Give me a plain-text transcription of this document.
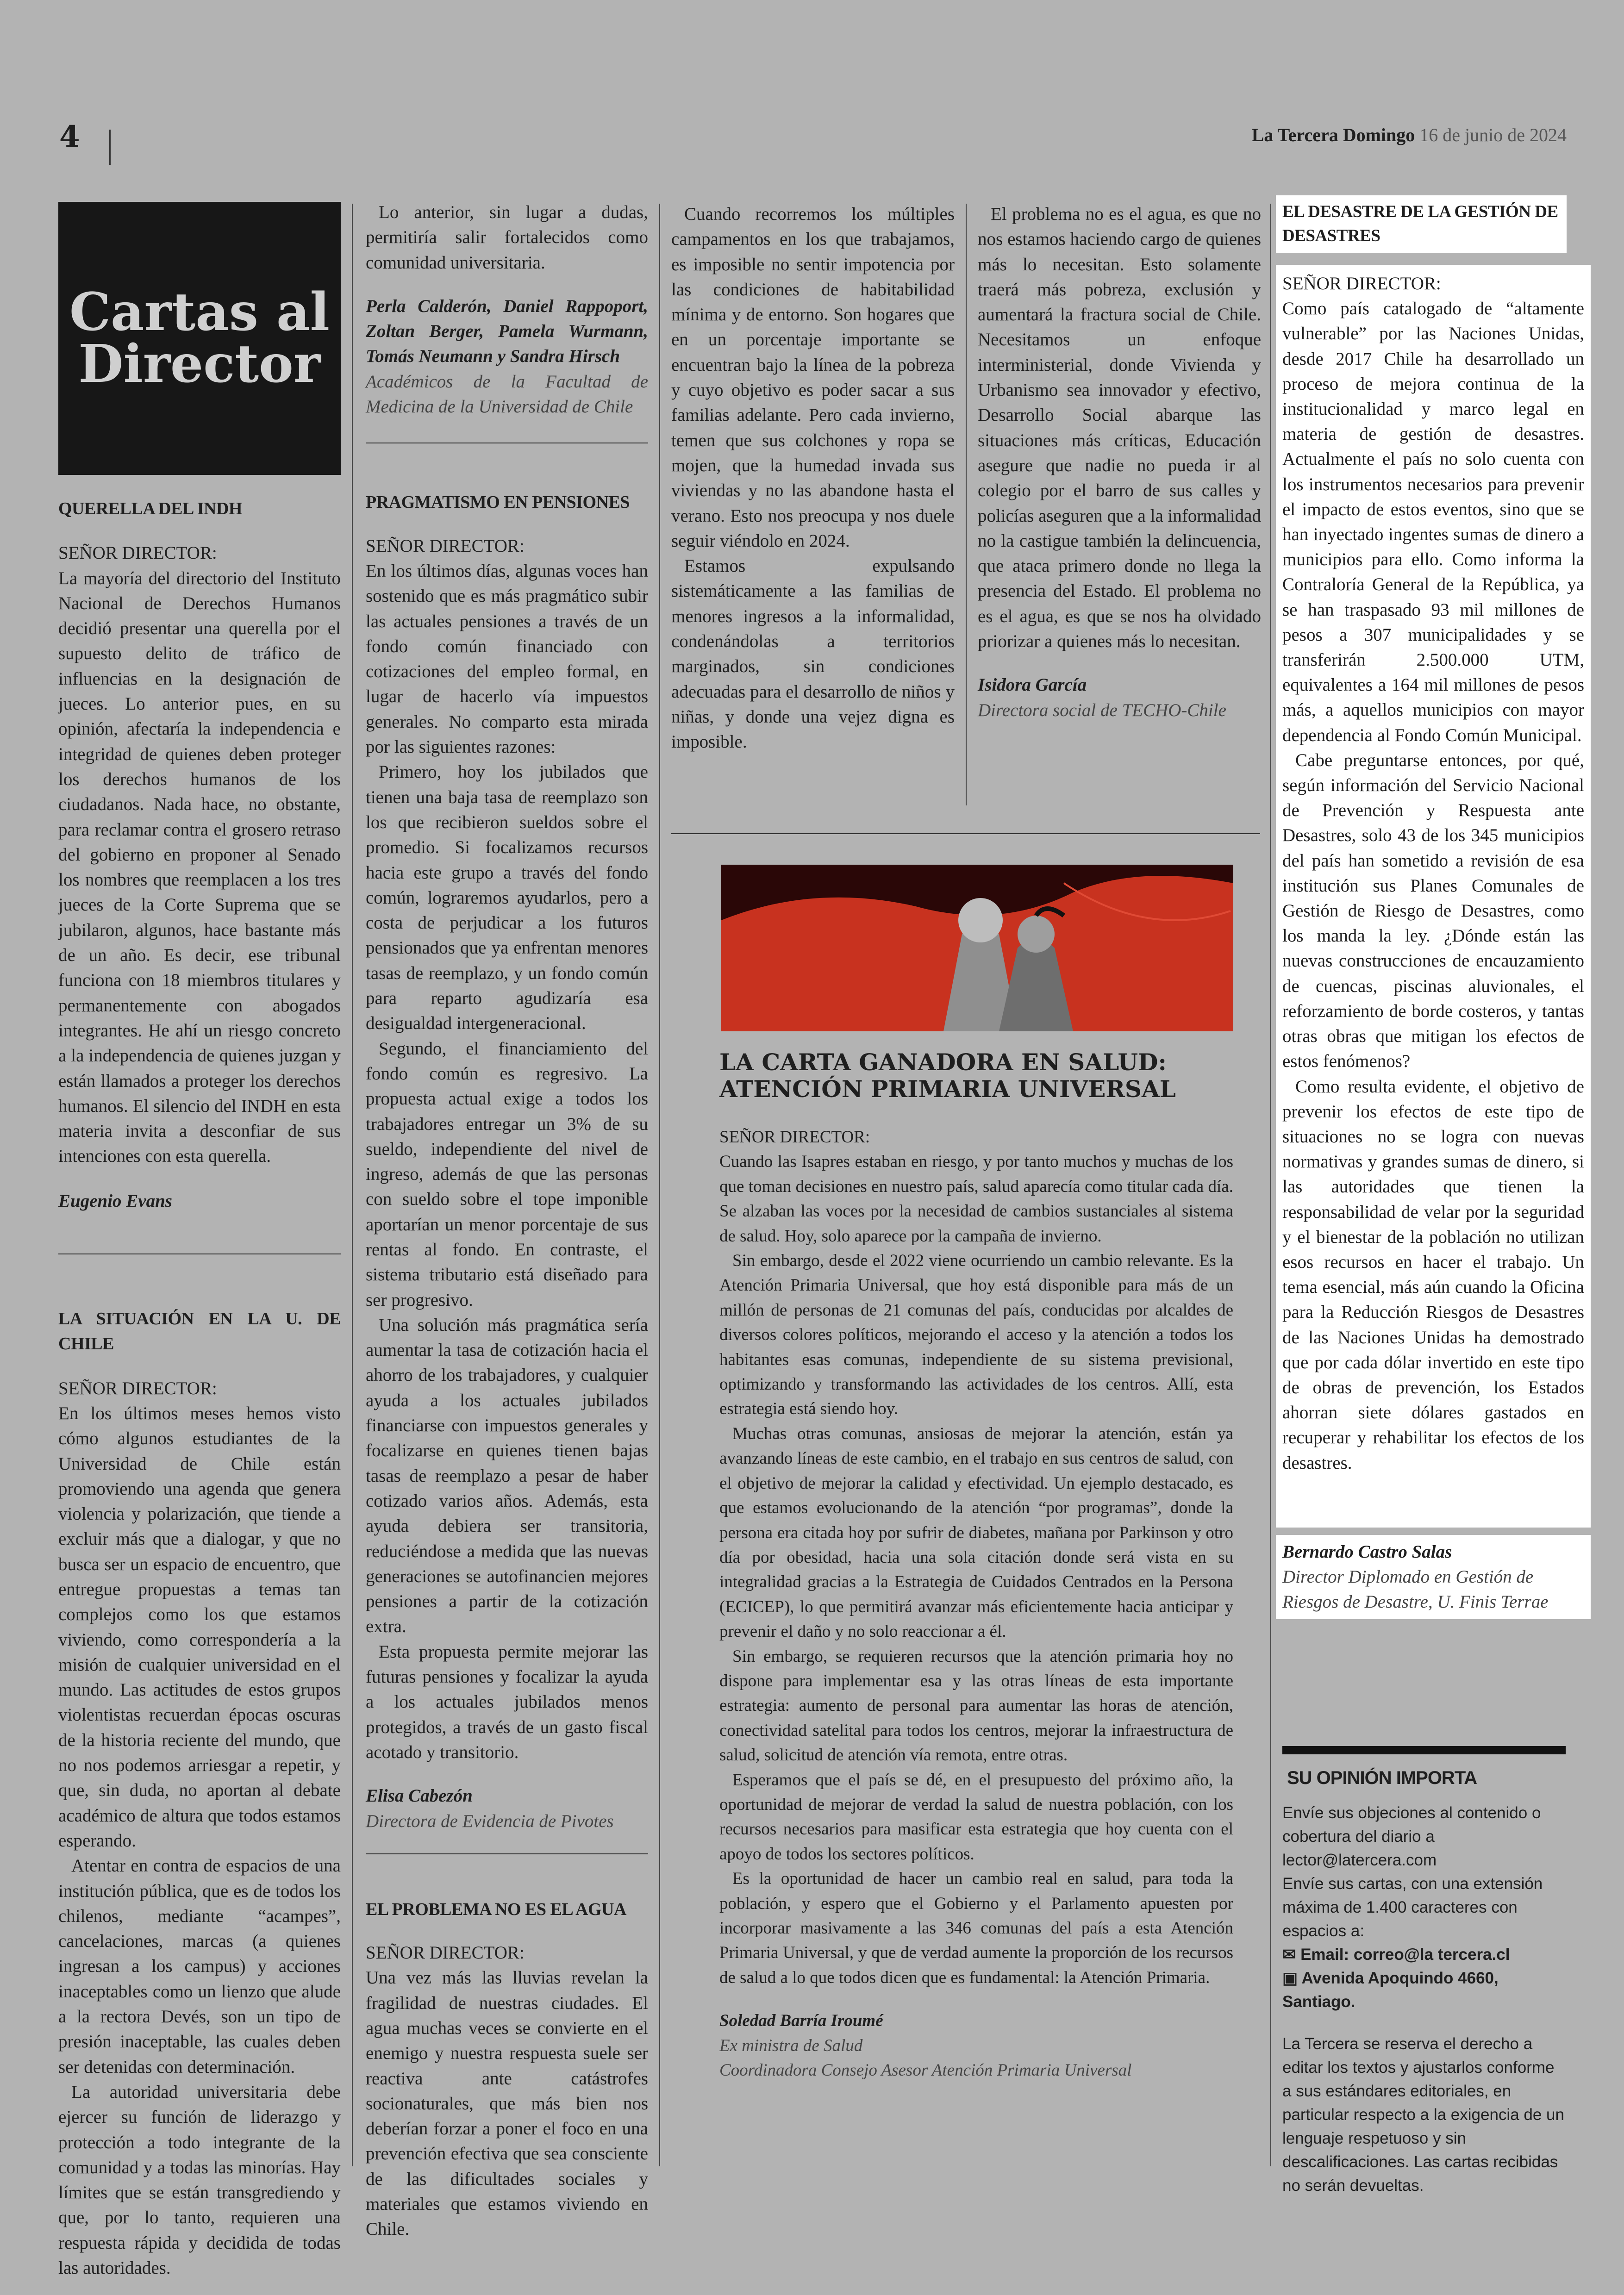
4	La Tercera Domingo 16 de junio de 2024
Cartas al
Director

QUERELLA DEL INDH

SEÑOR DIRECTOR:

La mayoría del directorio del Instituto Nacional de Derechos Humanos decidió presentar una querella por el supuesto delito de tráfico de influencias en la designación de jueces. Lo anterior pues, en su opinión, afectaría la independencia e integridad de quienes deben proteger los derechos humanos de los ciudadanos. Nada hace, no obstante, para reclamar contra el grosero retraso del gobierno en proponer al Senado los nombres que reemplacen a los tres jueces de la Corte Suprema que se jubilaron, algunos, hace bastante más de un año. Es decir, ese tribunal funciona con 18 miembros titulares y permanentemente con abogados integrantes. He ahí un riesgo concreto a la independencia de quienes juzgan y están llamados a proteger los derechos humanos. El silencio del INDH en esta materia invita a desconfiar de sus intenciones con esta querella.

Eugenio Evans

LA SITUACIÓN EN LA U. DE CHILE

SEÑOR DIRECTOR:

En los últimos meses hemos visto cómo algunos estudiantes de la Universidad de Chile están promoviendo una agenda que genera violencia y polarización, que tiende a excluir más que a dialogar, y que no busca ser un espacio de encuentro, que entregue propuestas a temas tan complejos como los que estamos viviendo, como correspondería a la misión de cualquier universidad en el mundo. Las actitudes de estos grupos violentistas recuerdan épocas oscuras de la historia reciente del mundo, que no nos podemos arriesgar a repetir, y que, sin duda, no aportan al debate académico de altura que todos estamos esperando.

Atentar en contra de espacios de una institución pública, que es de todos los chilenos, mediante “acampes”, cancelaciones, marcas (a quienes ingresan a los campus) y acciones inaceptables como un lienzo que alude a la rectora Devés, son un tipo de presión inaceptable, las cuales deben ser detenidas con determinación.

La autoridad universitaria debe ejercer su función de liderazgo y protección a todo integrante de la comunidad y a todas las minorías. Hay límites que se están transgrediendo y que, por lo tanto, requieren una respuesta rápida y decidida de todas las autoridades.

Lo anterior, sin lugar a dudas, permitiría salir fortalecidos como comunidad universitaria.

Perla Calderón, Daniel Rappoport, Zoltan Berger, Pamela Wurmann, Tomás Neumann y Sandra Hirsch

Académicos de la Facultad de Medicina de la Universidad de Chile

PRAGMATISMO EN PENSIONES

SEÑOR DIRECTOR:

En los últimos días, algunas voces han sostenido que es más pragmático subir las actuales pensiones a través de un fondo común financiado con cotizaciones del empleo formal, en lugar de hacerlo vía impuestos generales. No comparto esta mirada por las siguientes razones:

Primero, hoy los jubilados que tienen una baja tasa de reemplazo son los que recibieron sueldos sobre el promedio. Si focalizamos recursos hacia este grupo a través del fondo común, lograremos ayudarlos, pero a costa de perjudicar a los futuros pensionados que ya enfrentan menores tasas de reemplazo, y un fondo común para reparto agudizaría esa desigualdad intergeneracional.

Segundo, el financiamiento del fondo común es regresivo. La propuesta actual exige a todos los trabajadores entregar un 3% de su sueldo, independiente del nivel de ingreso, además de que las personas con sueldo sobre el tope imponible aportarían un menor porcentaje de sus rentas al fondo. En contraste, el sistema tributario está diseñado para ser progresivo.

Una solución más pragmática sería aumentar la tasa de cotización hacia el ahorro de los trabajadores, y cualquier ayuda a los actuales jubilados financiarse con impuestos generales y focalizarse en quienes tienen bajas tasas de reemplazo a pesar de haber cotizado varios años. Además, esta ayuda debiera ser transitoria, reduciéndose a medida que las nuevas generaciones se autofinancien mejores pensiones a partir de la cotización extra.

Esta propuesta permite mejorar las futuras pensiones y focalizar la ayuda a los actuales jubilados menos protegidos, a través de un gasto fiscal acotado y transitorio.

Elisa Cabezón

Directora de Evidencia de Pivotes

EL PROBLEMA NO ES EL AGUA

SEÑOR DIRECTOR:

Una vez más las lluvias revelan la fragilidad de nuestras ciudades. El agua muchas veces se convierte en el enemigo y nuestra respuesta suele ser reactiva ante catástrofes socionaturales, que más bien nos deberían forzar a poner el foco en una prevención efectiva que sea consciente de las dificultades sociales y materiales que estamos viviendo en Chile.

Cuando recorremos los múltiples campamentos en los que trabajamos, es imposible no sentir impotencia por las condiciones de habitabilidad mínima y de entorno. Son hogares que en un porcentaje importante se encuentran bajo la línea de la pobreza y cuyo objetivo es poder sacar a sus familias adelante. Pero cada invierno, temen que sus colchones y ropa se mojen, que la humedad invada sus viviendas y no las abandone hasta el verano. Esto nos preocupa y nos duele seguir viéndolo en 2024.

Estamos expulsando sistemáticamente a las familias de menores ingresos a la informalidad, condenándolas a territorios marginados, sin condiciones adecuadas para el desarrollo de niños y niñas, y donde una vejez digna es imposible.

El problema no es el agua, es que no nos estamos haciendo cargo de quienes más lo necesitan. Esto solamente traerá más pobreza, exclusión y aumentará la fractura social de Chile. Necesitamos un enfoque interministerial, donde Vivienda y Urbanismo sea innovador y efectivo, Desarrollo Social abarque las situaciones más críticas, Educación asegure que nadie no pueda ir al colegio por el barro de sus calles y policías aseguren que a la informalidad no la castigue también la delincuencia, que ataca primero donde no llega la presencia del Estado. El problema no es el agua, es que se nos ha olvidado priorizar a quienes más lo necesitan.

Isidora García

Directora social de TECHO-Chile

LA CARTA GANADORA EN SALUD:

ATENCIÓN PRIMARIA UNIVERSAL

SEÑOR DIRECTOR:

Cuando las Isapres estaban en riesgo, y por tanto muchos y muchas de los que toman decisiones en nuestro país, salud aparecía como titular cada día. Se alzaban las voces por la necesidad de cambios sustanciales al sistema de salud. Hoy, solo aparece por la campaña de invierno.

Sin embargo, desde el 2022 viene ocurriendo un cambio relevante. Es la Atención Primaria Universal, que hoy está disponible para más de un millón de personas de 21 comunas del país, conducidas por alcaldes de diversos colores políticos, mejorando el acceso y la atención a todos los habitantes esas comunas, independiente de su sistema previsional, optimizando y transformando las actividades de los centros. Allí, esta estrategia está siendo hoy.

Muchas otras comunas, ansiosas de mejorar la atención, están ya avanzando líneas de este cambio, en el trabajo en sus centros de salud, con el objetivo de mejorar la calidad y efectividad. Un ejemplo destacado, es que estamos evolucionando de la atención “por programas”, donde la persona era citada hoy por sufrir de diabetes, mañana por Parkinson y otro día por obesidad, hacia una sola citación donde será vista en su integralidad gracias a la Estrategia de Cuidados Centrados en la Persona (ECICEP), lo que permitirá avanzar más eficientemente hacia anticipar y prevenir el daño y no solo reaccionar a él.

Sin embargo, se requieren recursos que la atención primaria hoy no dispone para implementar esa y las otras líneas de esta importante estrategia: aumento de personal para aumentar las horas de atención, conectividad satelital para todos los centros, mejorar la infraestructura de salud, solicitud de atención vía remota, entre otras.

Esperamos que el país se dé, en el presupuesto del próximo año, la oportunidad de mejorar de verdad la salud de nuestra población, con los recursos necesarios para masificar esta estrategia que hoy cuenta con el apoyo de todos los sectores políticos.

Es la oportunidad de hacer un cambio real en salud, para toda la población, y espero que el Gobierno y el Parlamento apuesten por incorporar masivamente a las 346 comunas del país a esta Atención Primaria Universal, y que de verdad aumente la proporción de los recursos de salud a lo que todos dicen que es fundamental: la Atención Primaria.

Soledad Barría Iroumé

Ex ministra de Salud

Coordinadora Consejo Asesor Atención Primaria Universal

EL DESASTRE DE LA GESTIÓN DE DESASTRES

SEÑOR DIRECTOR:

Como país catalogado de “altamente vulnerable” por las Naciones Unidas, desde 2017 Chile ha desarrollado un proceso de mejora continua de la institucionalidad y marco legal en materia de gestión de desastres. Actualmente el país no solo cuenta con los instrumentos necesarios para prevenir el impacto de estos eventos, sino que se han inyectado ingentes sumas de dinero a municipios para ello. Como informa la Contraloría General de la República, ya se han traspasado 93 mil millones de pesos a 307 municipalidades y se transferirán 2.500.000 UTM, equivalentes a 164 mil millones de pesos más, a aquellos municipios con mayor dependencia al Fondo Común Municipal.

Cabe preguntarse entonces, por qué, según información del Servicio Nacional de Prevención y Respuesta ante Desastres, solo 43 de los 345 municipios del país han sometido a revisión de esa institución sus Planes Comunales de Gestión de Riesgo de Desastres, como los manda la ley. ¿Dónde están las nuevas construcciones de encauzamiento de cuencas, piscinas aluvionales, el reforzamiento de borde costeros, y tantas otras obras que mitigan los efectos de estos fenómenos?

Como resulta evidente, el objetivo de prevenir los efectos de este tipo de situaciones no se logra con nuevas normativas y grandes sumas de dinero, si las autoridades que tienen la responsabilidad de velar por la seguridad y el bienestar de la población no utilizan esos recursos en hacer el trabajo. Un tema esencial, más aún cuando la Oficina para la Reducción Riesgos de Desastres de las Naciones Unidas ha demostrado que por cada dólar invertido en este tipo de obras de prevención, los Estados ahorran siete dólares gastados en recuperar y rehabilitar los efectos de los desastres.

Bernardo Castro Salas

Director Diplomado en Gestión de Riesgos de Desastre, U. Finis Terrae

SU OPINIÓN IMPORTA

Envíe sus objeciones al contenido o cobertura del diario a lector@latercera.com

Envíe sus cartas, con una extensión máxima de 1.400 caracteres con espacios a:

✉ Email: correo@la tercera.cl

▣ Avenida Apoquindo 4660, Santiago.

La Tercera se reserva el derecho a editar los textos y ajustarlos conforme a sus estándares editoriales, en particular respecto a la exigencia de un lenguaje respetuoso y sin descalificaciones. Las cartas recibidas no serán devueltas.
